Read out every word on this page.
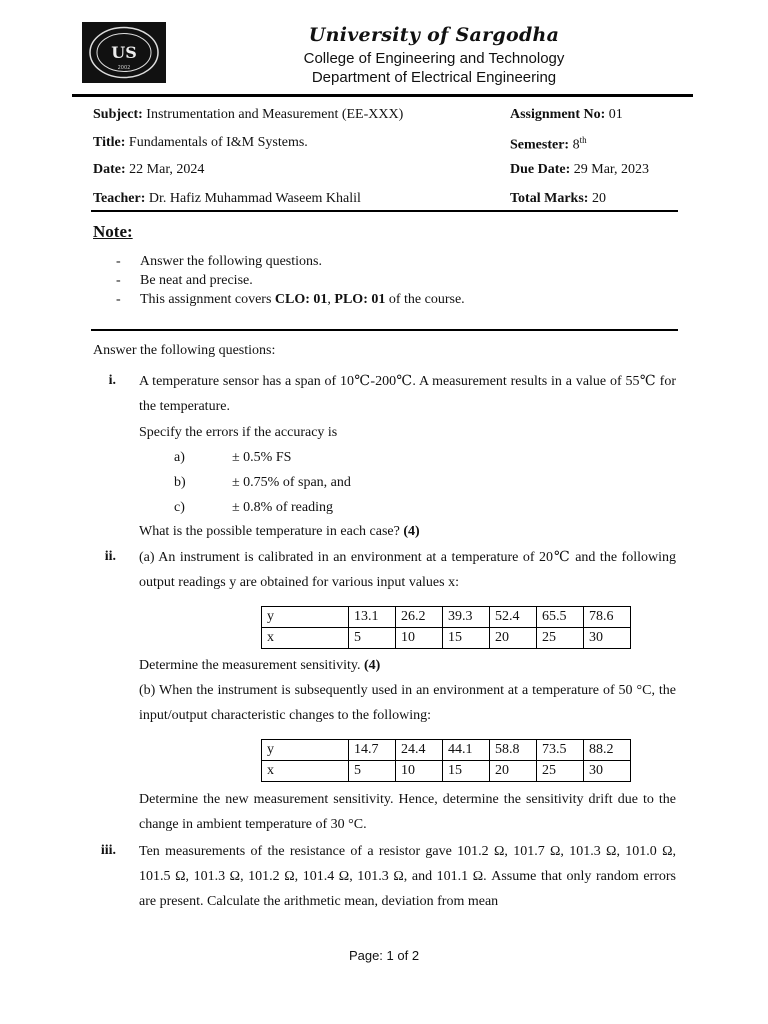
US
2002
University of Sargodha
College of Engineering and Technology
Department of Electrical Engineering
Subject: Instrumentation and Measurement (EE-XXX)	Assignment No: 01
Title: Fundamentals of I&M Systems.	Semester: 8th
Date: 22 Mar, 2024	Due Date: 29 Mar, 2023
Teacher: Dr. Hafiz Muhammad Waseem Khalil	Total Marks: 20
Note:
- Answer the following questions.
- Be neat and precise.
- This assignment covers CLO: 01, PLO: 01 of the course.
Answer the following questions:
i. A temperature sensor has a span of 10℃-200℃. A measurement results in a value of 55℃ for the temperature.
Specify the errors if the accuracy is
a)	± 0.5% FS
b)	± 0.75% of span, and
c)	± 0.8% of reading
What is the possible temperature in each case? (4)
ii. (a) An instrument is calibrated in an environment at a temperature of 20℃ and the following output readings y are obtained for various input values x:
y	13.1	26.2	39.3	52.4	65.5	78.6
x	5	10	15	20	25	30
Determine the measurement sensitivity. (4)
(b) When the instrument is subsequently used in an environment at a temperature of 50 °C, the input/output characteristic changes to the following:
y	14.7	24.4	44.1	58.8	73.5	88.2
x	5	10	15	20	25	30
Determine the new measurement sensitivity. Hence, determine the sensitivity drift due to the change in ambient temperature of 30 °C.
iii. Ten measurements of the resistance of a resistor gave 101.2 Ω, 101.7 Ω, 101.3 Ω, 101.0 Ω, 101.5 Ω, 101.3 Ω, 101.2 Ω, 101.4 Ω, 101.3 Ω, and 101.1 Ω. Assume that only random errors are present. Calculate the arithmetic mean, deviation from mean
Page: 1 of 2
